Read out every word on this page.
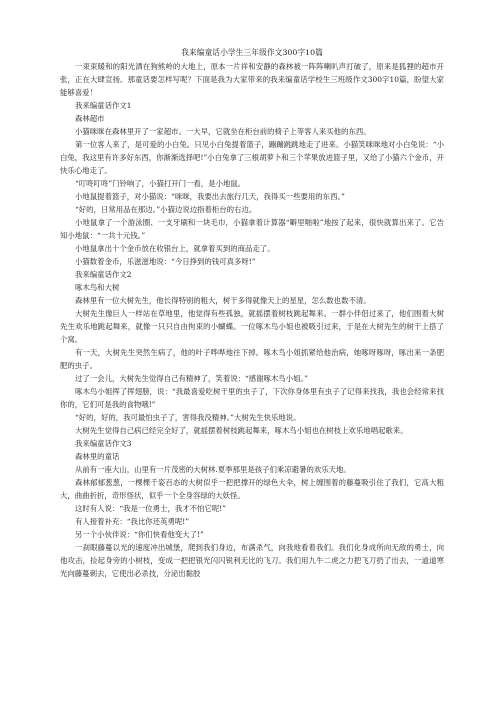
我来编童话小学生三年级作文300字10篇

一束束暖和的阳光洒在狗熊岭的大地上，原本一片祥和安静的森林被一阵阵喇叭声打破了，原来是狐狸的超市开张，正在大肆宣扬。那童话要怎样写呢？下面是我为大家带来的我来编童话学校生三班级作文300字10篇，盼望大家能够喜爱！

我来编童话作文1

森林超市

小猫咪咪在森林里开了一家超市。一大早，它就坐在柜台前的椅子上等客人来买他的东西。

第一位客人来了，是可爱的小白兔。只见小白兔提着篮子，蹦蹦跳跳地走了进来。小猫笑咪咪地对小白兔说：“小白兔，我这里有许多好东西，你渐渐选择吧!”小白兔拿了三根胡萝卜和三个苹果放进篮子里，又给了小猫六个金币，开快乐心地走了。

“叮咚叮咚”门铃响了，小猫打开门一看，是小地鼠。

小地鼠提着篮子，对小猫说：“咪咪，我要出去旅行几天，我得买一些要用的东西。”

“好的，日常用品在那边。”小猫边说边指着柜台的右边。

小地鼠拿了一个游泳圈、一支牙刷和一块毛巾，小猫拿着计算器“噼里啪啦”地按了起来，很快就算出来了。它告知小地鼠：“一共十元钱。”

小地鼠拿出十个金币放在收银台上，就拿着买到的商品走了。

小猫数着金币，乐滋滋地说：“今日挣到的钱可真多呀!”

我来编童话作文2

啄木鸟和大树

森林里有一位大树先生，他长得特别的粗大，树干多得就像天上的星星，怎么数也数不清。

大树先生像巨人一样站在草地里，他觉得有些孤独，就摇摆着树枝跳起舞来。一群小伴侣过来了，他们围着大树先生欢乐地跳起舞来，就像一只只自由拘束的小蝴蝶。一位啄木鸟小姐也被吸引过来，于是在大树先生的树干上搭了个窝。

有一天，大树先生突然生病了，他的叶子哗哗地往下掉。啄木鸟小姐抓紧给他治病，她啄呀啄呀，啄出来一条肥肥的虫子。

过了一会儿，大树先生觉得自己有精神了，笑着说：“感谢啄木鸟小姐。”

啄木鸟小姐挥了挥翅膀，说：“我最喜爱吃树干里的虫子了，下次你身体里有虫子了记得来找我，我也会经常来找你的，它们可是我的食物哦!”

“好的，好的，我可最怕虫子了，害得我没精神。”大树先生快乐地说。

大树先生觉得自己病已经完全好了，就摇摆着树枝跳起舞来，啄木鸟小姐也在树枝上欢乐地唱起歌来。

我来编童话作文3

森林里的童话

从前有一座大山，山里有一片茂密的大树林.夏季那里是孩子们乘凉避暑的欢乐天地。

森林郁郁葱葱，一棵棵千姿百态的大树似乎一把把撑开的绿色大伞，树上缠围着的藤蔓吸引住了我们，它高大粗大，曲曲折折，奇形怪状，似乎一个全身容绿的大妖怪。

这时有人说：“我是一位勇士，我才不怕它呢!”

有人接着补充：“我比你还英勇呢!”

另一个小伙伴说：“你们快看他变大了!”

一刹眼藤蔓以光的速度冲出城堡，爬到我们身边，布满杀气，向我地看着我们。我们化身成所向无敌的勇士，向他攻击，捡起身旁的小树枝，变成一把把银光闪闪锐利无比的飞刀。我们用九牛二虎之力把飞刀扔了出去，一道道寒光向藤蔓刺去，它使出必杀技，分泌出黏胶
